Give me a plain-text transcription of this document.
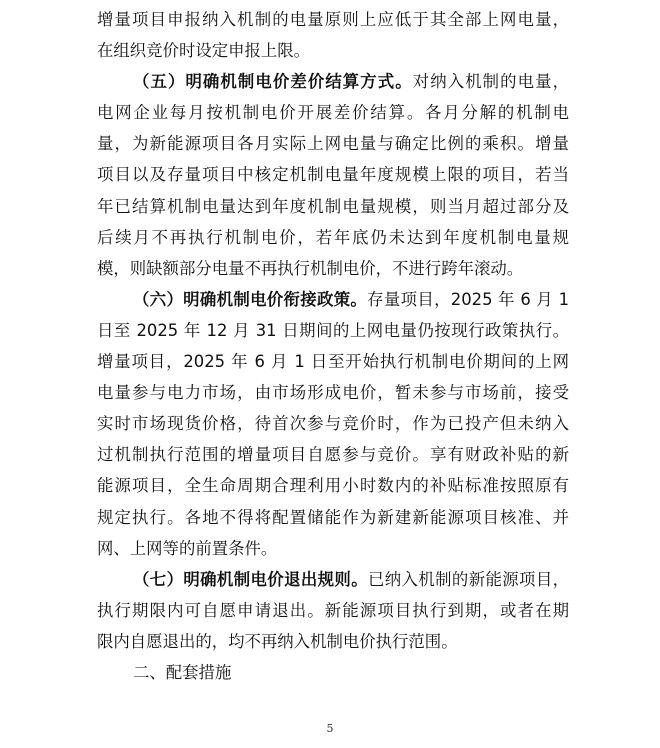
增量项目申报纳入机制的电量原则上应低于其全部上网电量，
在组织竞价时设定申报上限。
（五）明确机制电价差价结算方式。对纳入机制的电量，
电网企业每月按机制电价开展差价结算。各月分解的机制电
量，为新能源项目各月实际上网电量与确定比例的乘积。增量
项目以及存量项目中核定机制电量年度规模上限的项目，若当
年已结算机制电量达到年度机制电量规模，则当月超过部分及
后续月不再执行机制电价，若年底仍未达到年度机制电量规
模，则缺额部分电量不再执行机制电价，不进行跨年滚动。
（六）明确机制电价衔接政策。存量项目，2025 年 6 月 1
日至 2025 年 12 月 31 日期间的上网电量仍按现行政策执行。
增量项目，2025 年 6 月 1 日至开始执行机制电价期间的上网
电量参与电力市场，由市场形成电价，暂未参与市场前，接受
实时市场现货价格，待首次参与竞价时，作为已投产但未纳入
过机制执行范围的增量项目自愿参与竞价。享有财政补贴的新
能源项目，全生命周期合理利用小时数内的补贴标准按照原有
规定执行。各地不得将配置储能作为新建新能源项目核准、并
网、上网等的前置条件。
（七）明确机制电价退出规则。已纳入机制的新能源项目，
执行期限内可自愿申请退出。新能源项目执行到期，或者在期
限内自愿退出的，均不再纳入机制电价执行范围。
二、配套措施
5
